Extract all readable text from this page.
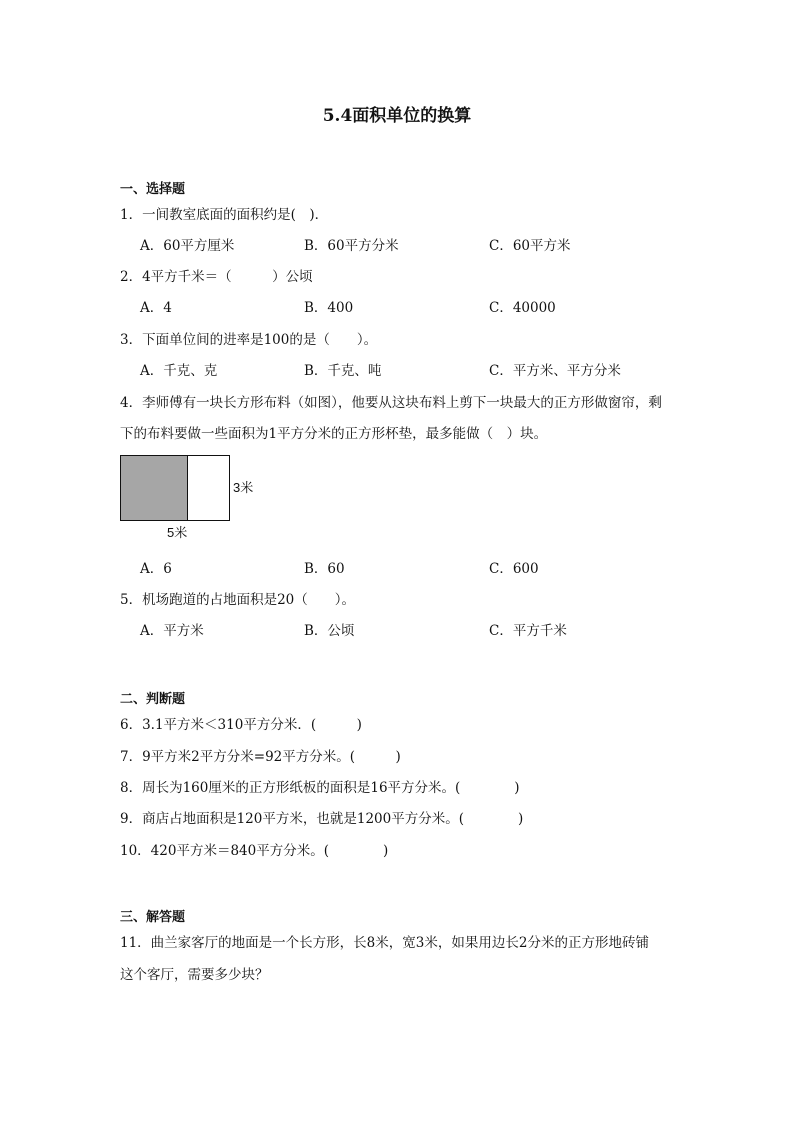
5.4面积单位的换算
一、选择题
1．一间教室底面的面积约是(　)．
A．60平方厘米	B．60平方分米	C．60平方米
2．4平方千米＝（　　　）公顷
A．4	B．400	C．40000
3．下面单位间的进率是100的是（　　）。
A．千克、克	B．千克、吨	C．平方米、平方分米
4．李师傅有一块长方形布料（如图），他要从这块布料上剪下一块最大的正方形做窗帘，剩
下的布料要做一些面积为1平方分米的正方形杯垫，最多能做（　）块。
3米
5米
A．6	B．60	C．600
5．机场跑道的占地面积是20（　　）。
A．平方米	B．公顷	C．平方千米
二、判断题
6．3.1平方米＜310平方分米．(　　　)
7．9平方米2平方分米=92平方分米。(　　　)
8．周长为160厘米的正方形纸板的面积是16平方分米。(　　　　)
9．商店占地面积是120平方米，也就是1200平方分米。(　　　　)
10．420平方米＝840平方分米。(　　　　)
三、解答题
11．曲兰家客厅的地面是一个长方形，长8米，宽3米，如果用边长2分米的正方形地砖铺
这个客厅，需要多少块？
